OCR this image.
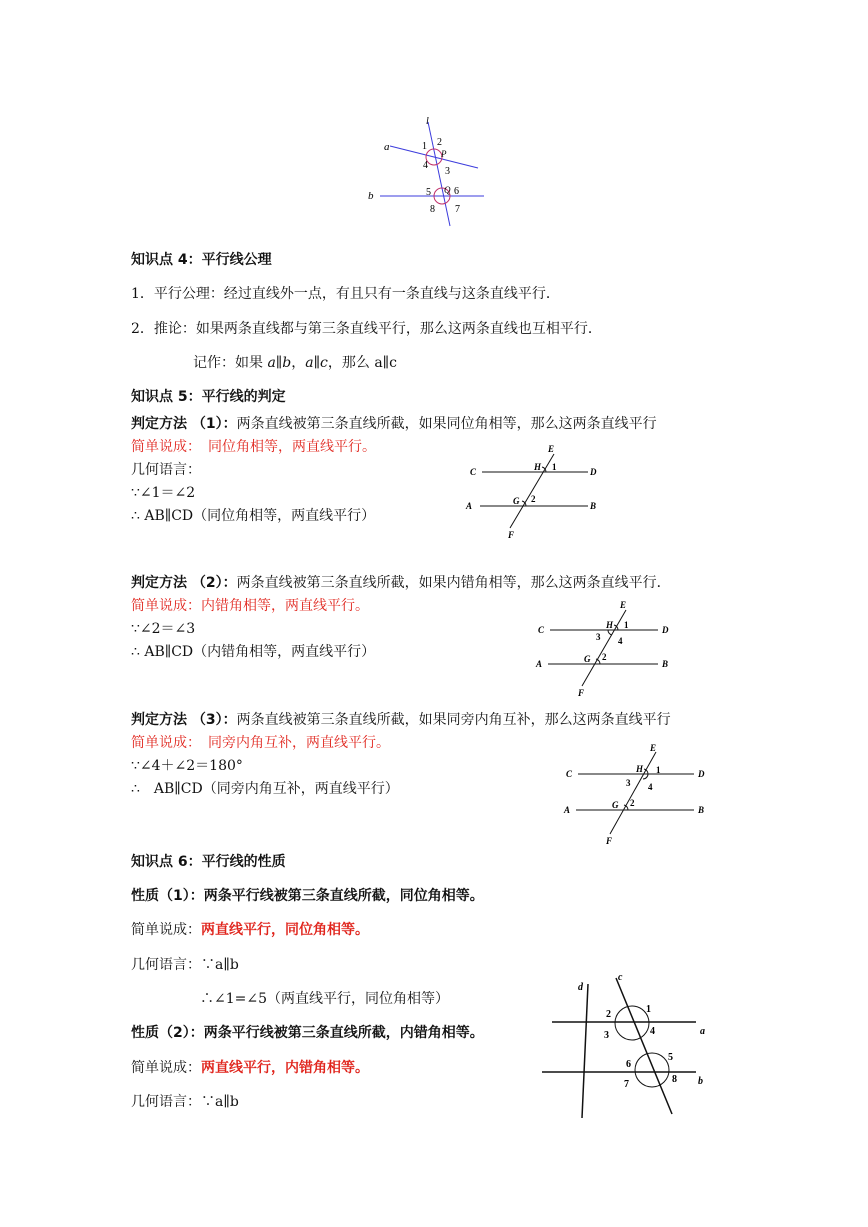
l
a
b
1 2
P
4
3
5 Q 6
8 7
知识点 4：平行线公理
1．平行公理：经过直线外一点，有且只有一条直线与这条直线平行．
2．推论：如果两条直线都与第三条直线平行，那么这两条直线也互相平行．
记作：如果 a∥b，a∥c，那么 a∥c
知识点 5：平行线的判定
判定方法 （1）：两条直线被第三条直线所截，如果同位角相等，那么这两条直线平行
简单说成：　同位角相等，两直线平行。
几何语言：
∵∠1＝∠2
∴ AB∥CD（同位角相等，两直线平行）
E
C	H 1	D
A	G 2
B
F
判定方法 （2）：两条直线被第三条直线所截，如果内错角相等，那么这两条直线平行．
简单说成：内错角相等，两直线平行。
∵∠2＝∠3
∴ AB∥CD（内错角相等，两直线平行）
E
C	H 1
3 4
D
A	G 2
B
F
判定方法 （3）：两条直线被第三条直线所截，如果同旁内角互补，那么这两条直线平行
简单说成：　同旁内角互补，两直线平行。
∵∠4＋∠2＝180°
∴　AB∥CD（同旁内角互补，两直线平行）
E
C	H 1
3 4
D
A	G 2
B
F
知识点 6：平行线的性质
性质（1）：两条平行线被第三条直线所截，同位角相等。
简单说成：两直线平行，同位角相等。
几何语言：∵a∥b
∴∠1=∠5（两直线平行，同位角相等）
性质（2）：两条平行线被第三条直线所截，内错角相等。
简单说成：两直线平行，内错角相等。
几何语言：∵a∥b
c
d
1
2
3	4	a
5
6
7	8 b
